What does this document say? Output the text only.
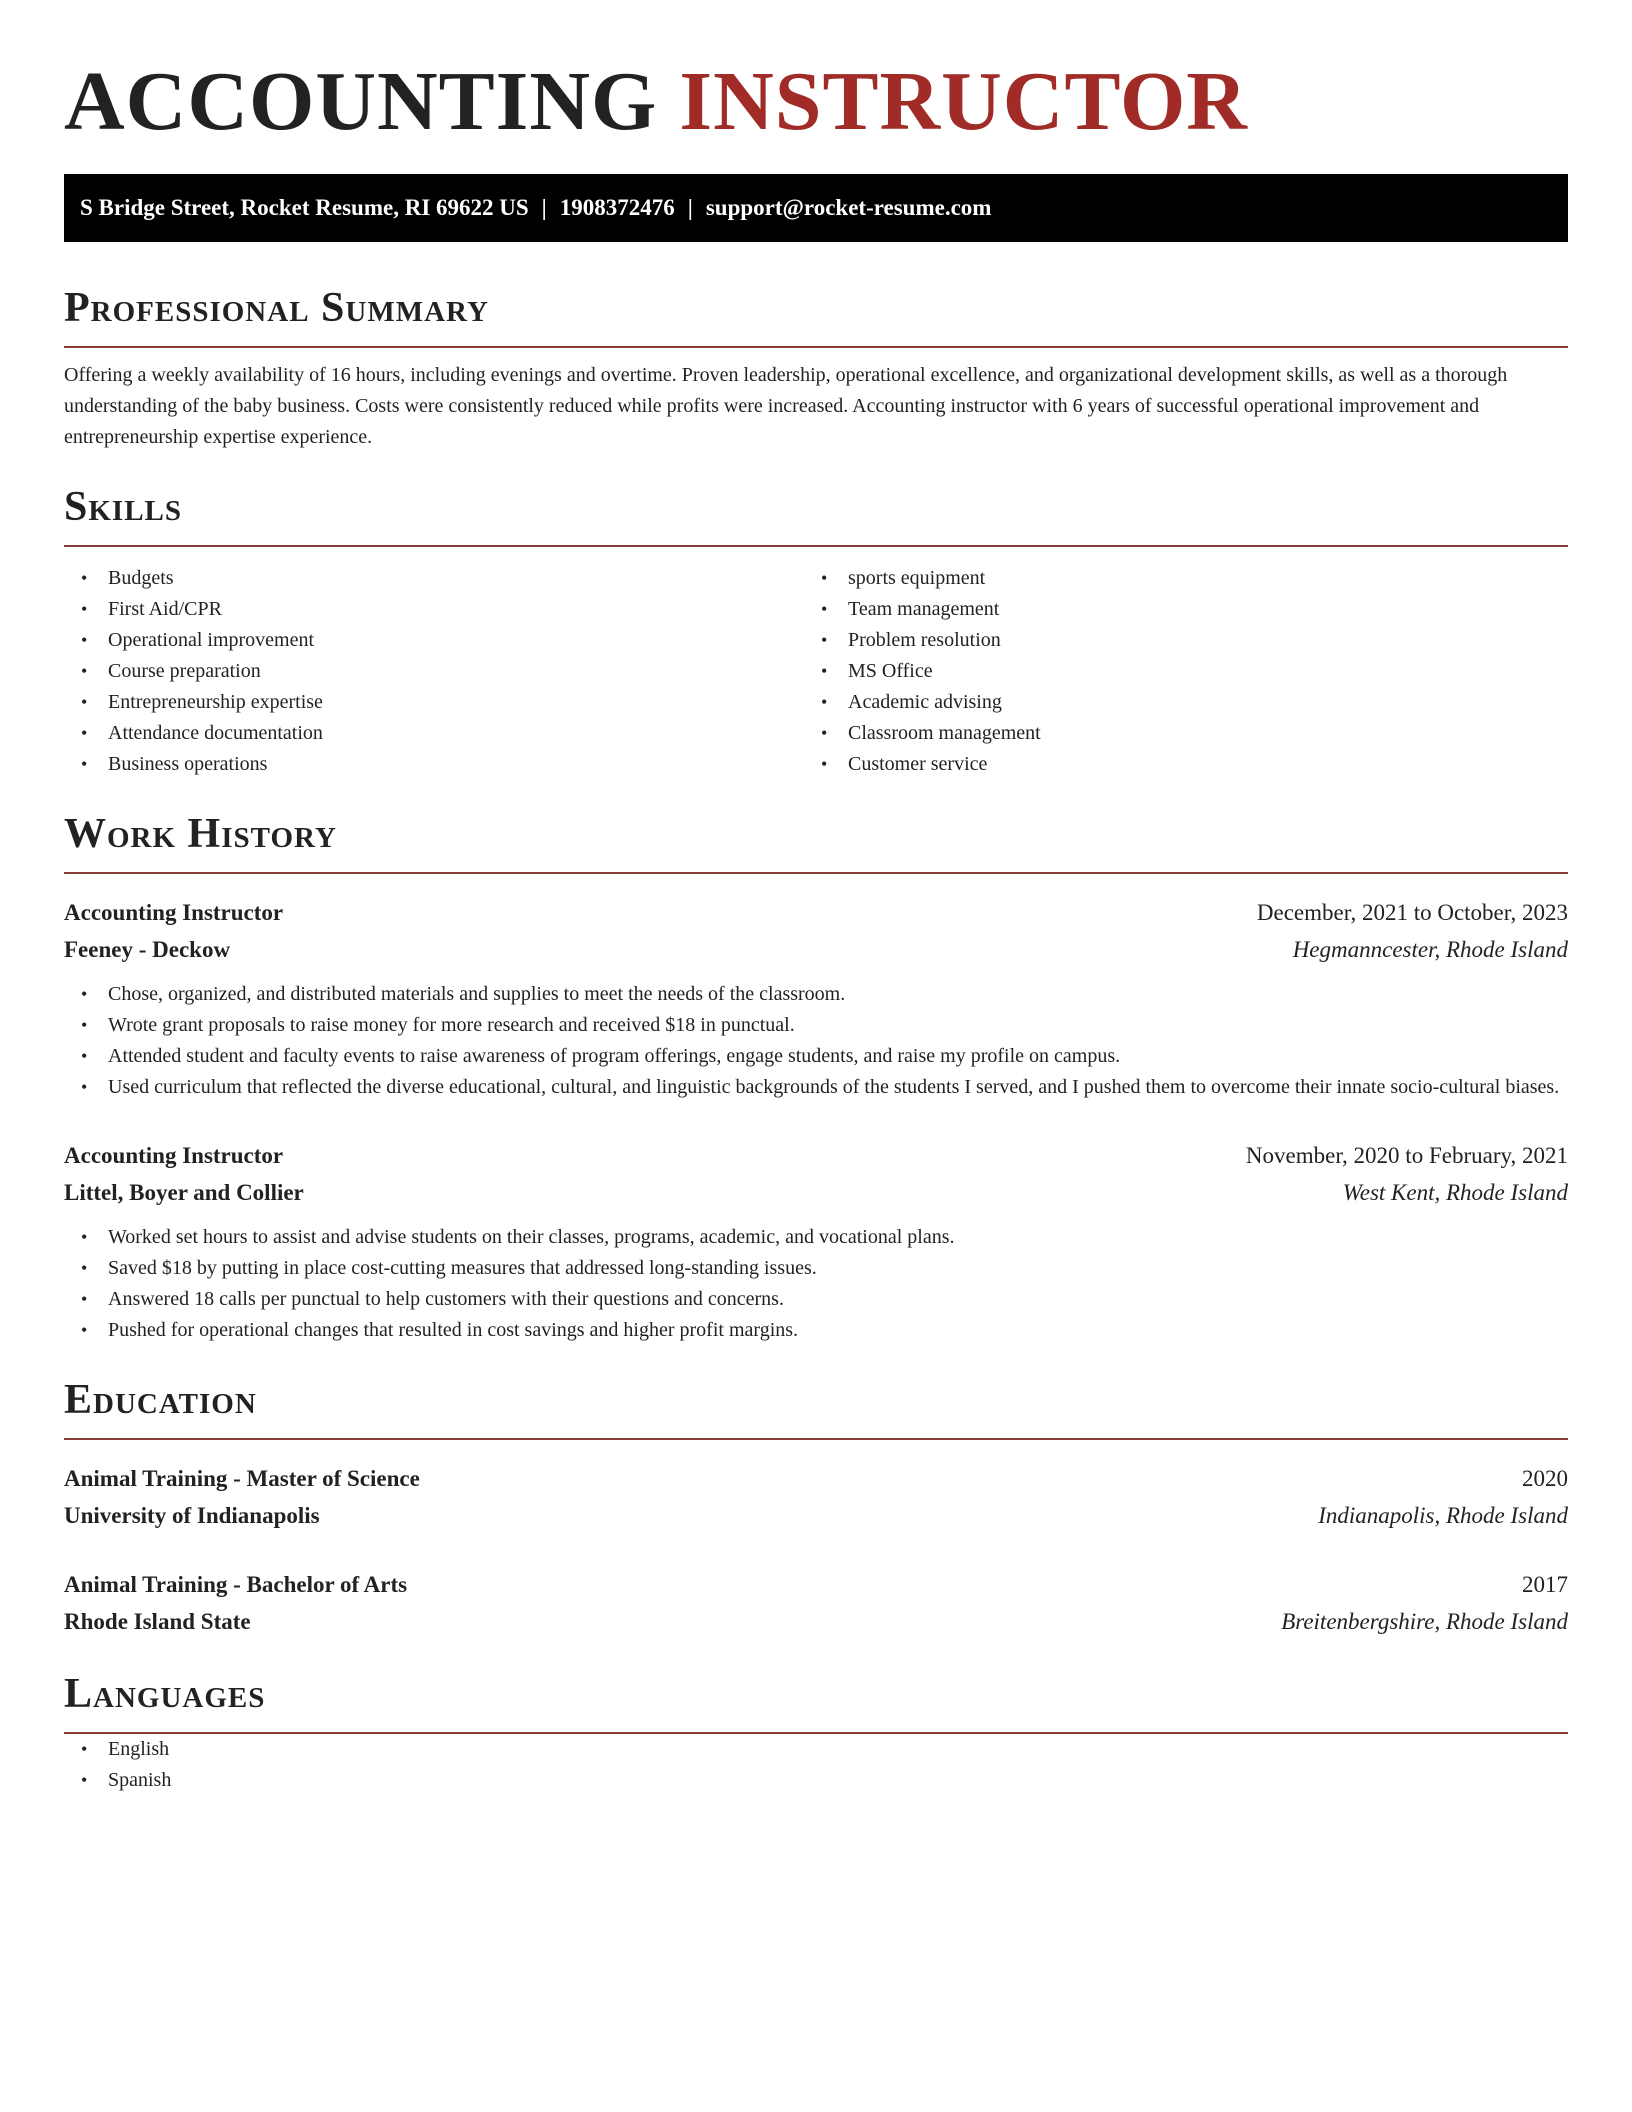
ACCOUNTING INSTRUCTOR
S Bridge Street, Rocket Resume, RI 69622 US | 1908372476 | support@rocket-resume.com
Professional Summary

Offering a weekly availability of 16 hours, including evenings and overtime. Proven leadership, operational excellence, and organizational development skills, as well as a thorough understanding of the baby business. Costs were consistently reduced while profits were increased. Accounting instructor with 6 years of successful operational improvement and entrepreneurship expertise experience.

Skills
• Budgets
• First Aid/CPR
• Operational improvement
• Course preparation
• Entrepreneurship expertise
• Attendance documentation
• Business operations
• sports equipment
• Team management
• Problem resolution
• MS Office
• Academic advising
• Classroom management
• Customer service
Work History
Accounting Instructor	December, 2021 to October, 2023
Feeney - Deckow	Hegmanncester, Rhode Island
• Chose, organized, and distributed materials and supplies to meet the needs of the classroom.
• Wrote grant proposals to raise money for more research and received $18 in punctual.
• Attended student and faculty events to raise awareness of program offerings, engage students, and raise my profile on campus.
• Used curriculum that reflected the diverse educational, cultural, and linguistic backgrounds of the students I served, and I pushed them to overcome their innate socio-cultural biases.
Accounting Instructor	November, 2020 to February, 2021
Littel, Boyer and Collier	West Kent, Rhode Island
• Worked set hours to assist and advise students on their classes, programs, academic, and vocational plans.
• Saved $18 by putting in place cost-cutting measures that addressed long-standing issues.
• Answered 18 calls per punctual to help customers with their questions and concerns.
• Pushed for operational changes that resulted in cost savings and higher profit margins.
Education
Animal Training - Master of Science	2020
University of Indianapolis	Indianapolis, Rhode Island
Animal Training - Bachelor of Arts	2017
Rhode Island State	Breitenbergshire, Rhode Island
Languages
• English
• Spanish
